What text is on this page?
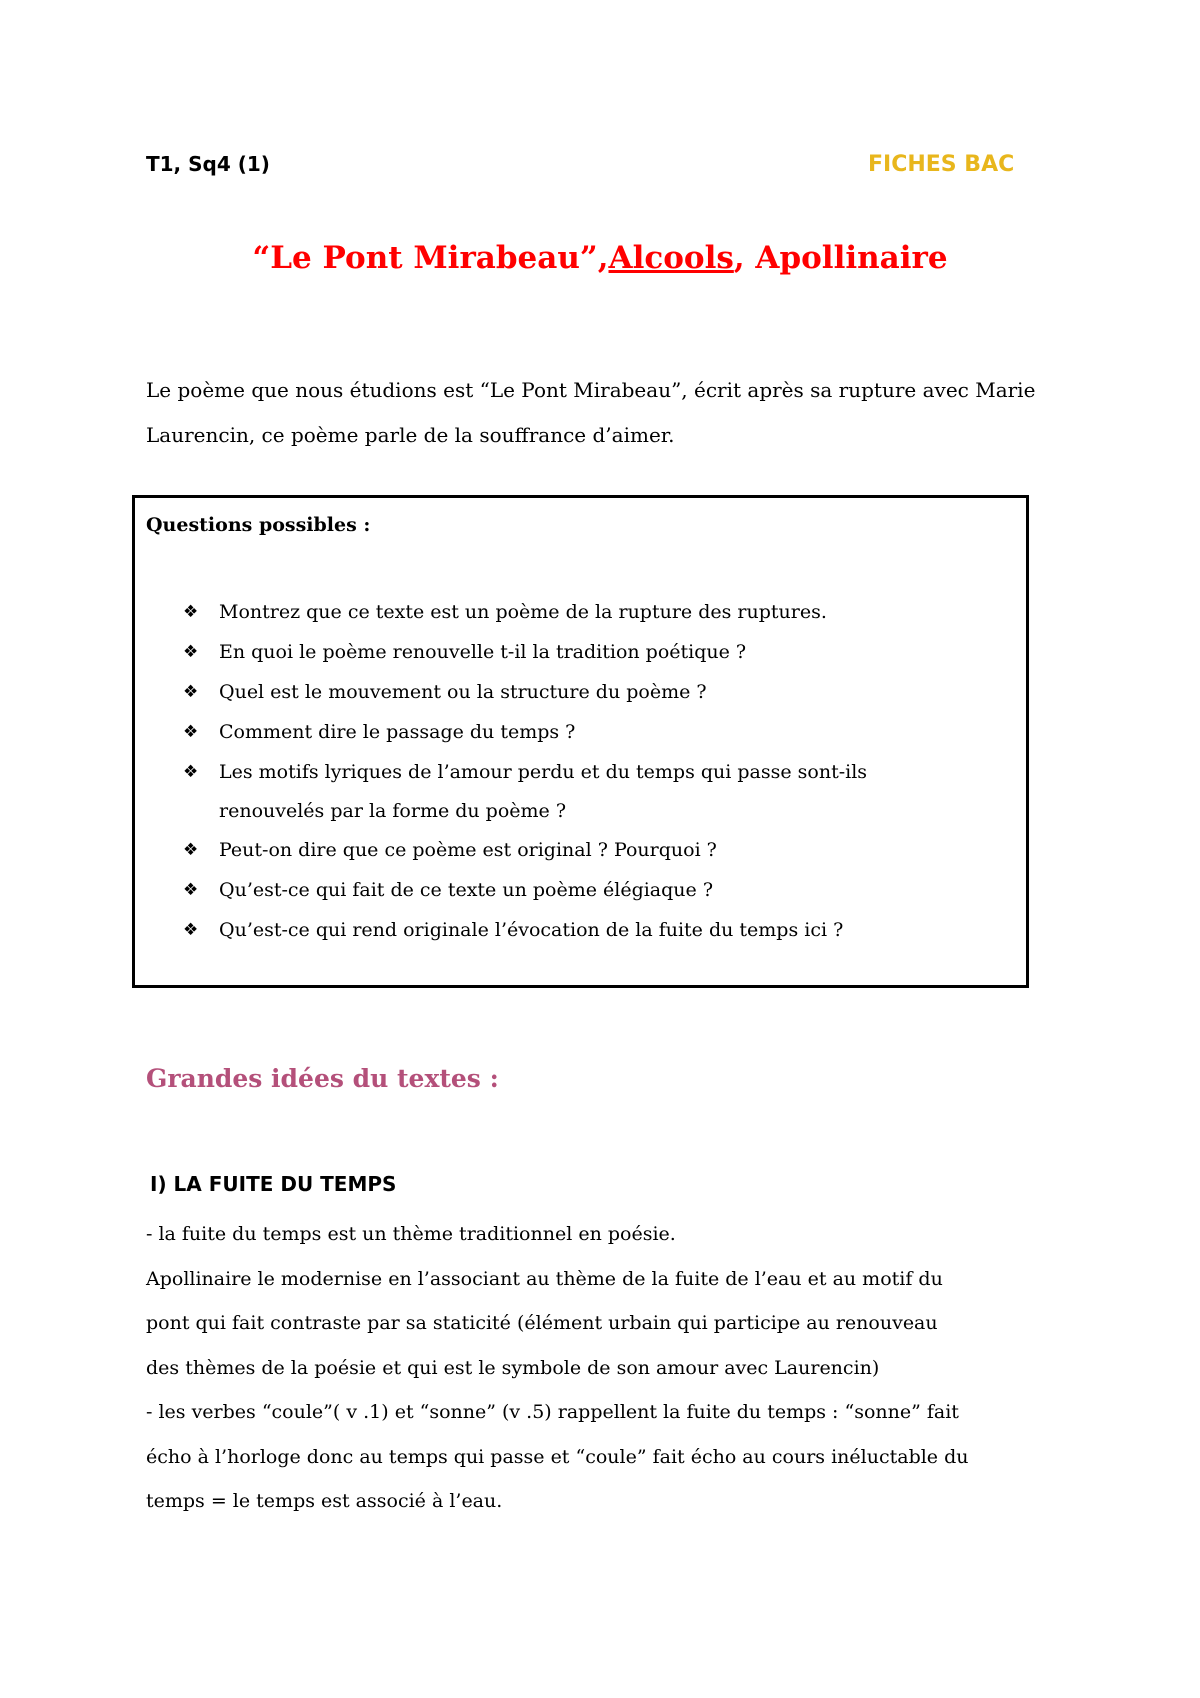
T1, Sq4 (1)	FICHES BAC
“Le Pont Mirabeau”,Alcools, Apollinaire

Le poème que nous étudions est “Le Pont Mirabeau”, écrit après sa rupture avec Marie

Laurencin, ce poème parle de la souffrance d’aimer.

Questions possibles :
❖ Montrez que ce texte est un poème de la rupture des ruptures.
❖ En quoi le poème renouvelle t-il la tradition poétique ?
❖ Quel est le mouvement ou la structure du poème ?
❖ Comment dire le passage du temps ?
❖ Les motifs lyriques de l’amour perdu et du temps qui passe sont-ils
renouvelés par la forme du poème ?
❖ Peut-on dire que ce poème est original ? Pourquoi ?
❖ Qu’est-ce qui fait de ce texte un poème élégiaque ?
❖ Qu’est-ce qui rend originale l’évocation de la fuite du temps ici ?
Grandes idées du textes :
I) LA FUITE DU TEMPS

- la fuite du temps est un thème traditionnel en poésie.

Apollinaire le modernise en l’associant au thème de la fuite de l’eau et au motif du

pont qui fait contraste par sa staticité (élément urbain qui participe au renouveau

des thèmes de la poésie et qui est le symbole de son amour avec Laurencin)

- les verbes “coule”( v .1) et “sonne” (v .5) rappellent la fuite du temps : “sonne” fait

écho à l’horloge donc au temps qui passe et “coule” fait écho au cours inéluctable du

temps = le temps est associé à l’eau.
